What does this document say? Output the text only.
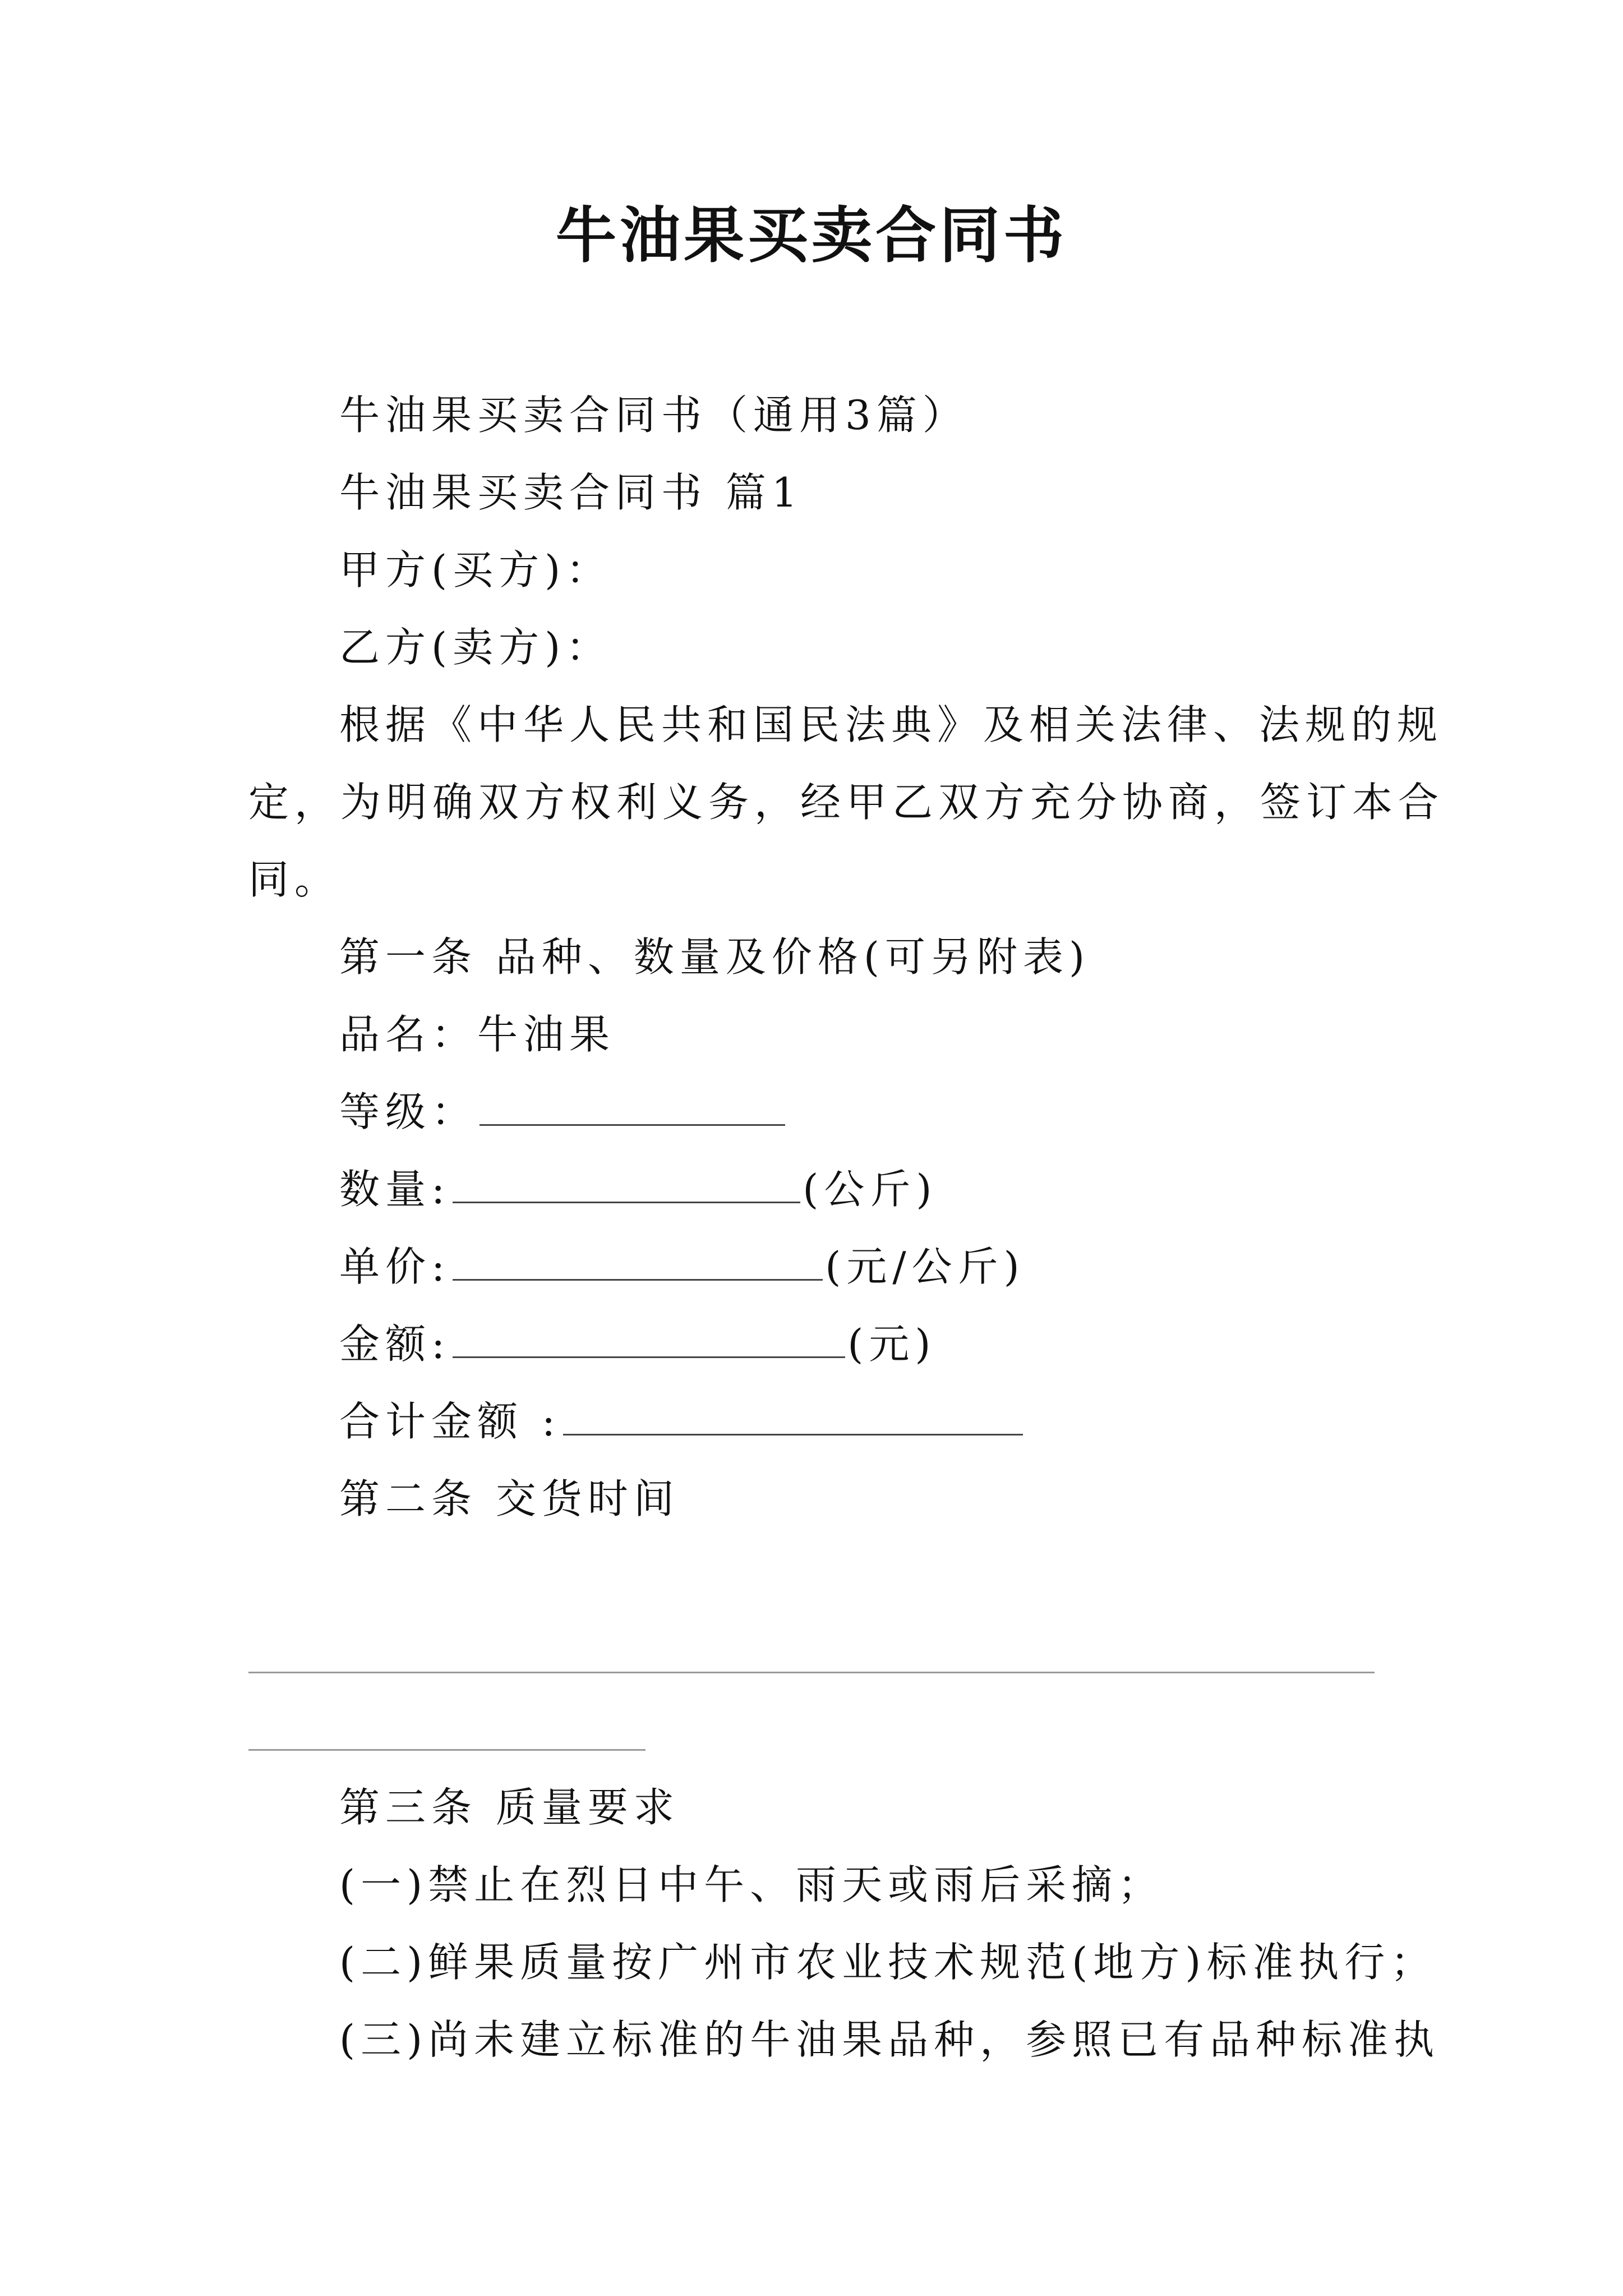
牛油果买卖合同书
牛油果买卖合同书（通用3篇）
牛油果买卖合同书 篇1
甲方(买方)：
乙方(卖方)：
根据《中华人民共和国民法典》及相关法律、法规的规
定，为明确双方权利义务，经甲乙双方充分协商，签订本合
同。
第一条 品种、数量及价格(可另附表)
品名：牛油果
等级：
数量:	(公斤)
单价:	(元/公斤)
金额:	(元)
合计金额 :
第二条 交货时间
第三条 质量要求
(一)禁止在烈日中午、雨天或雨后采摘；
(二)鲜果质量按广州市农业技术规范(地方)标准执行；
(三)尚未建立标准的牛油果品种，参照已有品种标准执
